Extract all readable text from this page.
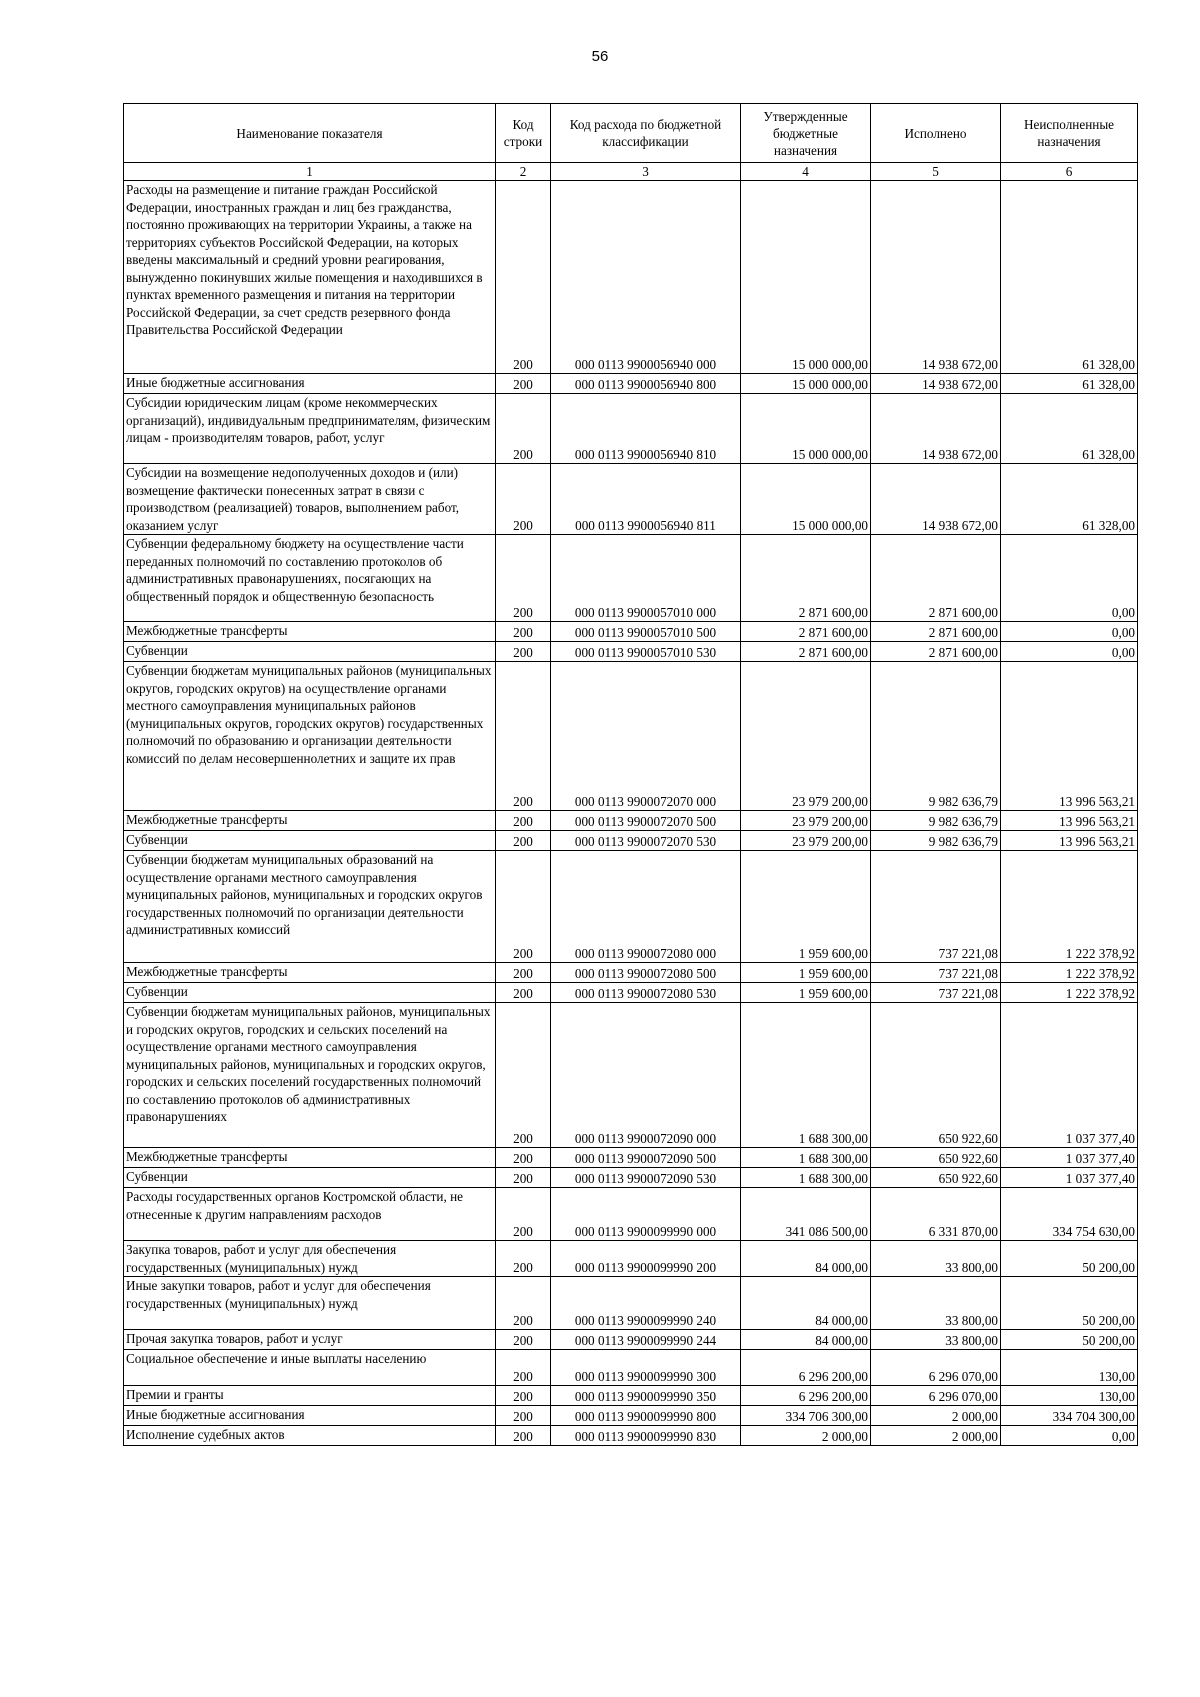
56
Наименование показателя	Код строки	Код расхода по бюджетной классификации	Утвержденные бюджетные назначения	Исполнено	Неисполненные назначения
1	2	3	4	5	6
Расходы на размещение и питание граждан Российской Федерации, иностранных граждан и лиц без гражданства, постоянно проживающих на территории Украины, а также на территориях субъектов Российской Федерации, на которых введены максимальный и средний уровни реагирования, вынужденно покинувших жилые помещения и находившихся в пунктах временного размещения и питания на территории Российской Федерации, за счет средств резервного фонда Правительства Российской Федерации	200	000 0113 9900056940 000	15 000 000,00	14 938 672,00	61 328,00
Иные бюджетные ассигнования	200	000 0113 9900056940 800	15 000 000,00	14 938 672,00	61 328,00
Субсидии юридическим лицам (кроме некоммерческих организаций), индивидуальным предпринимателям, физическим лицам - производителям товаров, работ, услуг	200	000 0113 9900056940 810	15 000 000,00	14 938 672,00	61 328,00
Субсидии на возмещение недополученных доходов и (или) возмещение фактически понесенных затрат в связи с производством (реализацией) товаров, выполнением работ, оказанием услуг	200	000 0113 9900056940 811	15 000 000,00	14 938 672,00	61 328,00
Субвенции федеральному бюджету на осуществление части переданных полномочий по составлению протоколов об административных правонарушениях, посягающих на общественный порядок и общественную безопасность	200	000 0113 9900057010 000	2 871 600,00	2 871 600,00	0,00
Межбюджетные трансферты	200	000 0113 9900057010 500	2 871 600,00	2 871 600,00	0,00
Субвенции	200	000 0113 9900057010 530	2 871 600,00	2 871 600,00	0,00
Субвенции бюджетам муниципальных районов (муниципальных округов, городских округов) на осуществление органами местного самоуправления муниципальных районов (муниципальных округов, городских округов) государственных полномочий по образованию и организации деятельности комиссий по делам несовершеннолетних и защите их прав	200	000 0113 9900072070 000	23 979 200,00	9 982 636,79	13 996 563,21
Межбюджетные трансферты	200	000 0113 9900072070 500	23 979 200,00	9 982 636,79	13 996 563,21
Субвенции	200	000 0113 9900072070 530	23 979 200,00	9 982 636,79	13 996 563,21
Субвенции бюджетам муниципальных образований на осуществление органами местного самоуправления муниципальных районов, муниципальных и городских округов государственных полномочий по организации деятельности административных комиссий	200	000 0113 9900072080 000	1 959 600,00	737 221,08	1 222 378,92
Межбюджетные трансферты	200	000 0113 9900072080 500	1 959 600,00	737 221,08	1 222 378,92
Субвенции	200	000 0113 9900072080 530	1 959 600,00	737 221,08	1 222 378,92
Субвенции бюджетам муниципальных районов, муниципальных и городских округов, городских и сельских поселений на осуществление органами местного самоуправления муниципальных районов, муниципальных и городских округов, городских и сельских поселений государственных полномочий по составлению протоколов об административных правонарушениях	200	000 0113 9900072090 000	1 688 300,00	650 922,60	1 037 377,40
Межбюджетные трансферты	200	000 0113 9900072090 500	1 688 300,00	650 922,60	1 037 377,40
Субвенции	200	000 0113 9900072090 530	1 688 300,00	650 922,60	1 037 377,40
Расходы государственных органов Костромской области, не отнесенные к другим направлениям расходов	200	000 0113 9900099990 000	341 086 500,00	6 331 870,00	334 754 630,00
Закупка товаров, работ и услуг для обеспечения государственных (муниципальных) нужд	200	000 0113 9900099990 200	84 000,00	33 800,00	50 200,00
Иные закупки товаров, работ и услуг для обеспечения государственных (муниципальных) нужд	200	000 0113 9900099990 240	84 000,00	33 800,00	50 200,00
Прочая закупка товаров, работ и услуг	200	000 0113 9900099990 244	84 000,00	33 800,00	50 200,00
Социальное обеспечение и иные выплаты населению	200	000 0113 9900099990 300	6 296 200,00	6 296 070,00	130,00
Премии и гранты	200	000 0113 9900099990 350	6 296 200,00	6 296 070,00	130,00
Иные бюджетные ассигнования	200	000 0113 9900099990 800	334 706 300,00	2 000,00	334 704 300,00
Исполнение судебных актов	200	000 0113 9900099990 830	2 000,00	2 000,00	0,00
